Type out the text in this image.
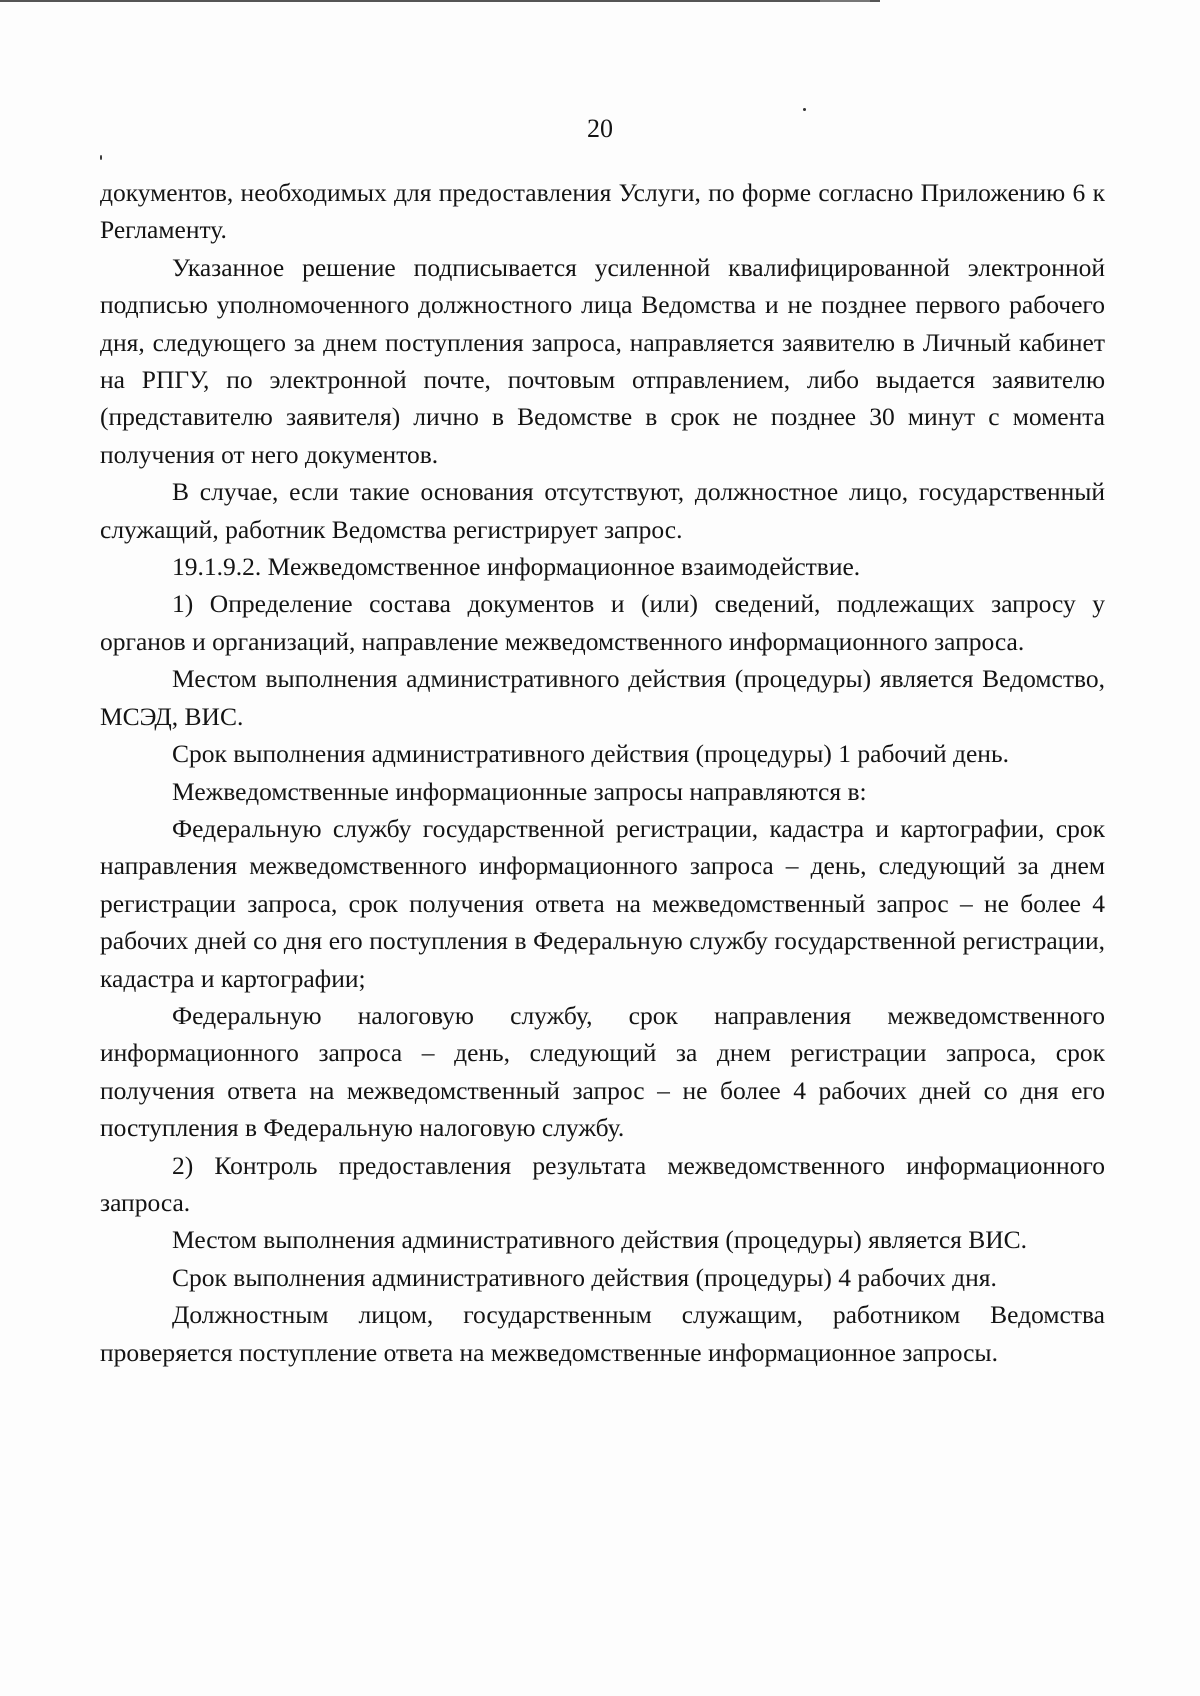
20

документов, необходимых для предоставления Услуги, по форме согласно Приложению 6 к Регламенту.

Указанное решение подписывается усиленной квалифицированной электронной подписью уполномоченного должностного лица Ведомства и не позднее первого рабочего дня, следующего за днем поступления запроса, направляется заявителю в Личный кабинет на РПГУ, по электронной почте, почтовым отправлением, либо выдается заявителю (представителю заявителя) лично в Ведомстве в срок не позднее 30 минут с момента получения от него документов.

В случае, если такие основания отсутствуют, должностное лицо, государственный служащий, работник Ведомства регистрирует запрос.

19.1.9.2. Межведомственное информационное взаимодействие.

1) Определение состава документов и (или) сведений, подлежащих запросу у органов и организаций, направление межведомственного информационного запроса.

Местом выполнения административного действия (процедуры) является Ведомство, МСЭД, ВИС.

Срок выполнения административного действия (процедуры) 1 рабочий день.

Межведомственные информационные запросы направляются в:

Федеральную службу государственной регистрации, кадастра и картографии, срок направления межведомственного информационного запроса – день, следующий за днем регистрации запроса, срок получения ответа на межведомственный запрос – не более 4 рабочих дней со дня его поступления в Федеральную службу государственной регистрации, кадастра и картографии;

Федеральную налоговую службу, срок направления межведомственного информационного запроса – день, следующий за днем регистрации запроса, срок получения ответа на межведомственный запрос – не более 4 рабочих дней со дня его поступления в Федеральную налоговую службу.

2) Контроль предоставления результата межведомственного информационного запроса.

Местом выполнения административного действия (процедуры) является ВИС.

Срок выполнения административного действия (процедуры) 4 рабочих дня.

Должностным лицом, государственным служащим, работником Ведомства проверяется поступление ответа на межведомственные информационное запросы.
